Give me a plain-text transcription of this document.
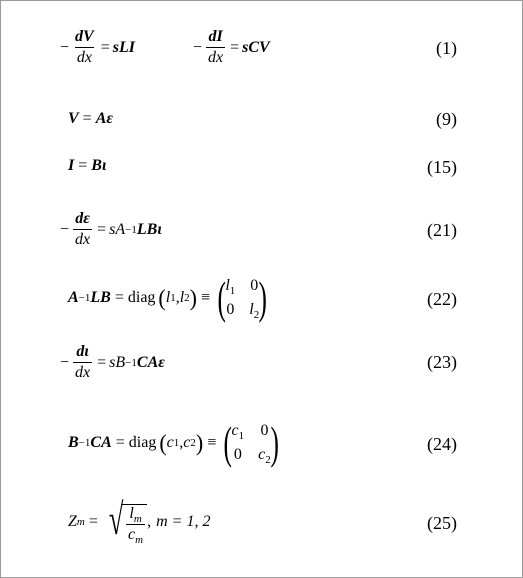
− $\frac{dV}{dx}$ = sLI	− $\frac{dI}{dx}$ = sCV	(1)
V = Aε	(9)
I = Bι	(15)
− $\frac{d\varepsilon}{dx}$ = sA −1 LBι	(21)
A −1 LB = diag ( l 1 , l 2 ) ≡ ( $l_1$ 0
0 $l_2$ )	(22)
− $\frac{d\iota}{dx}$ = sB −1 CAε	(23)
B −1 CA = diag ( c 1 , c 2 ) ≡ ( $c_1$ 0
0 $c_2$ )	(24)
Z m = √ $\frac{l_m}{c_m}$ , m = 1, 2	(25)
